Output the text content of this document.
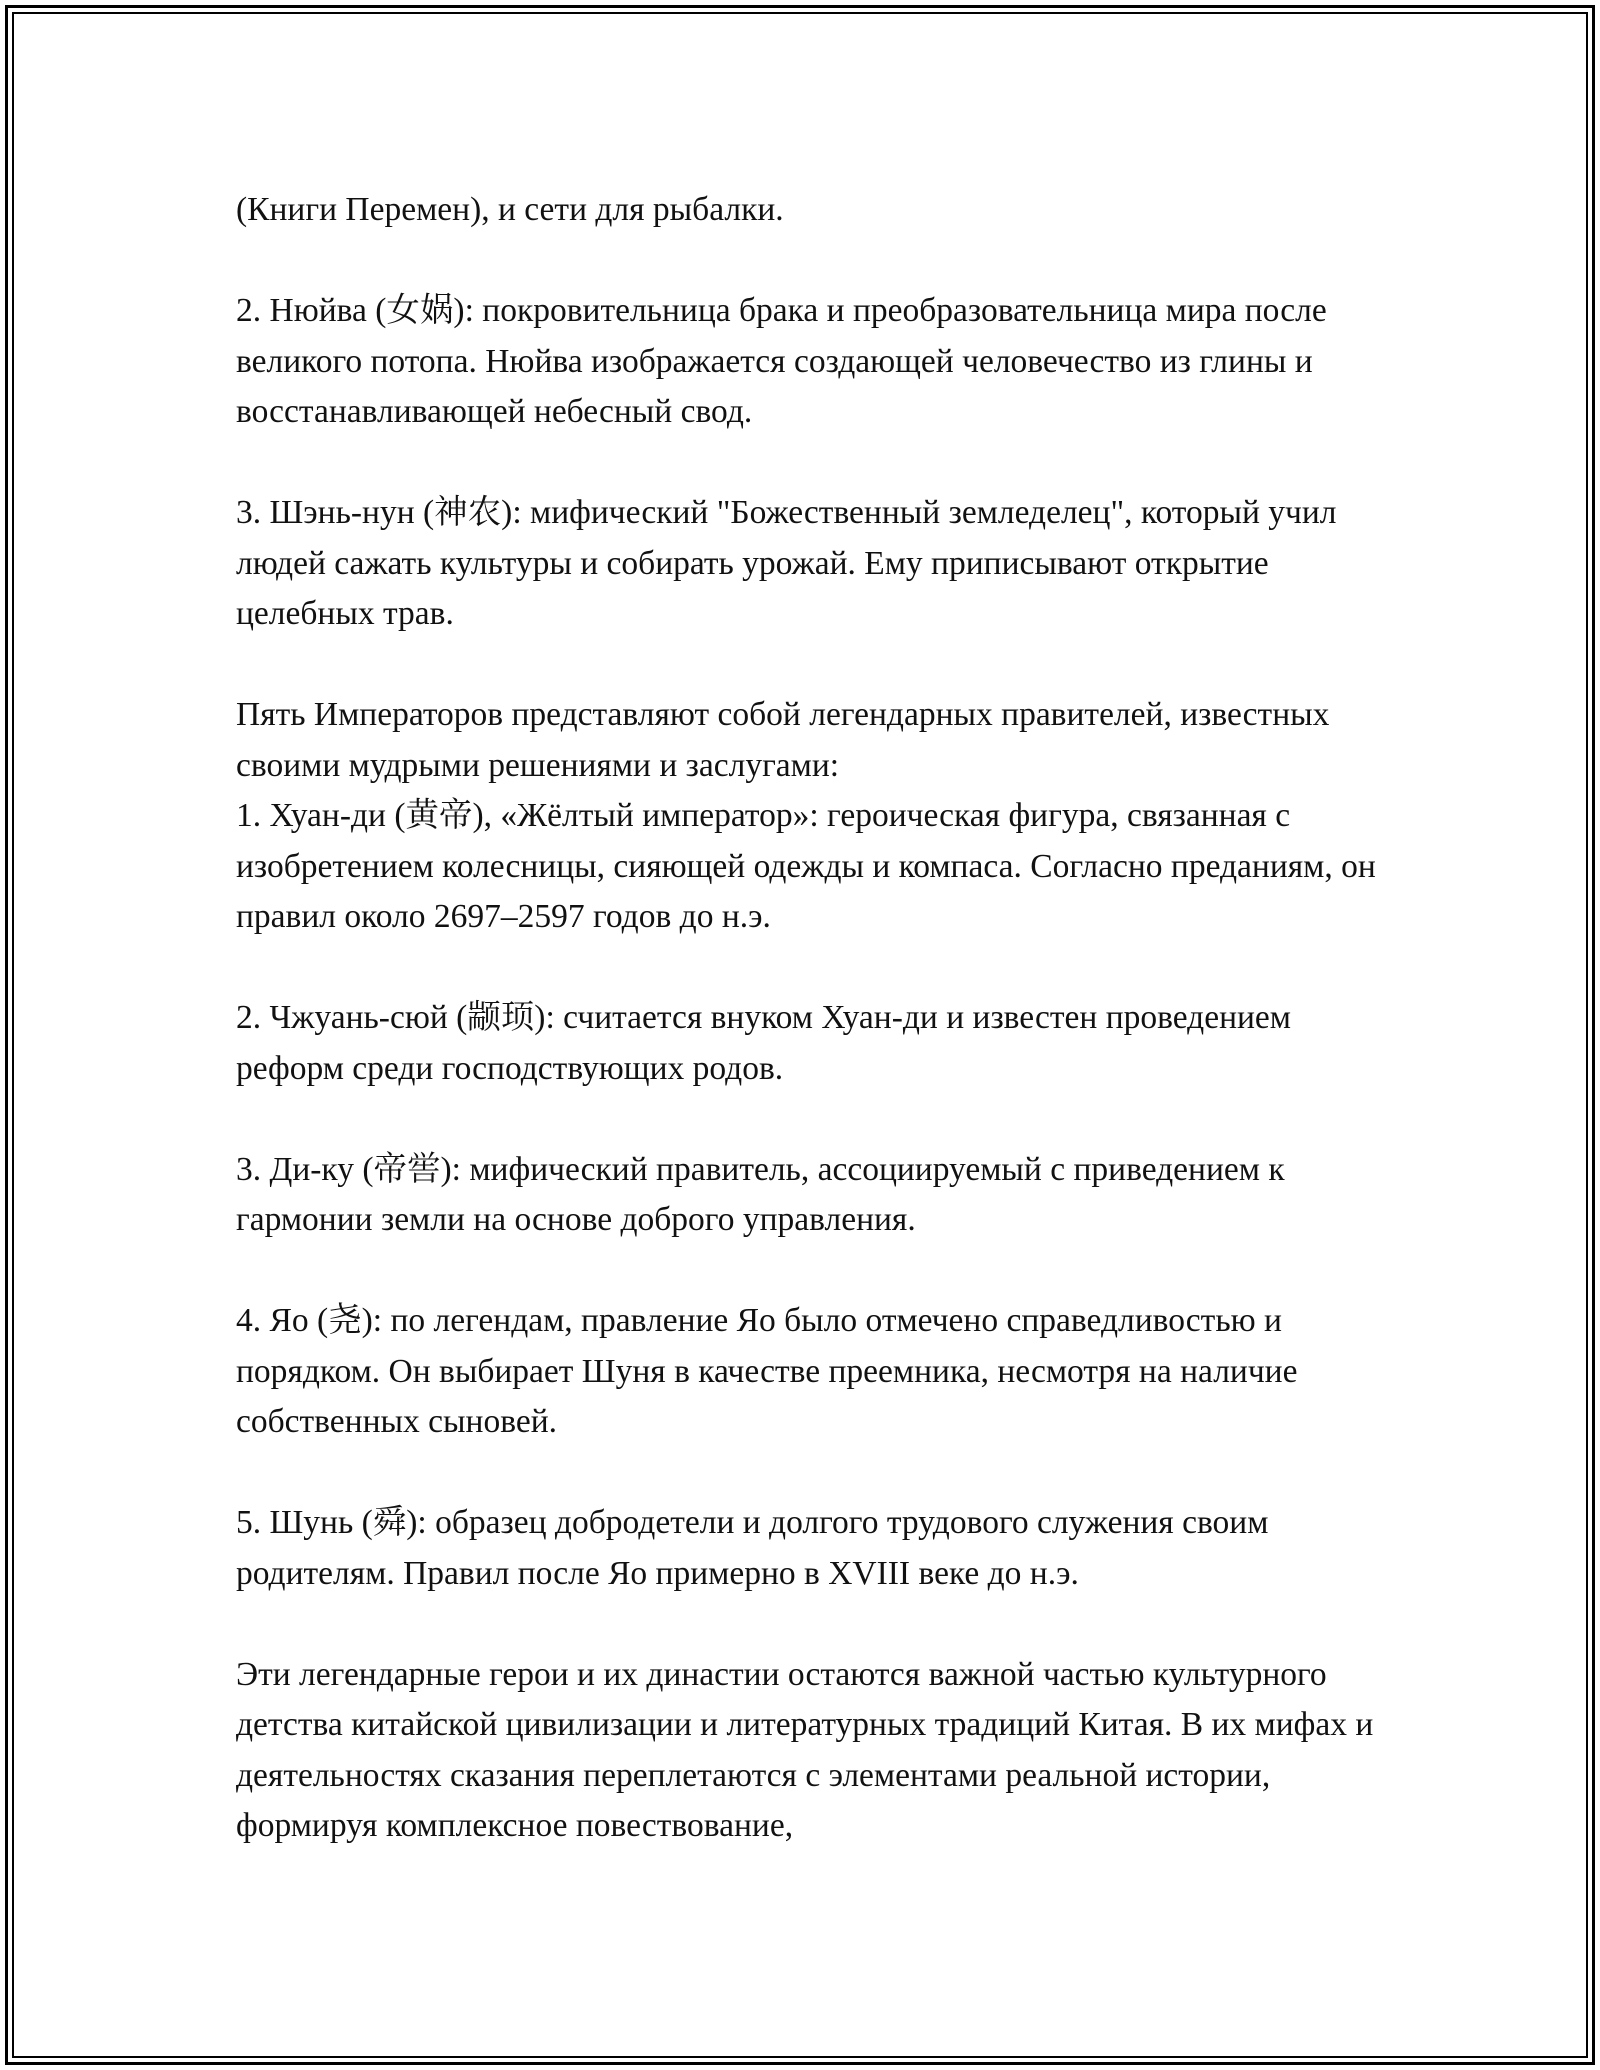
(Книги Перемен), и сети для рыбалки.

2. Нюйва (女娲): покровительница брака и преобразовательница мира после великого потопа. Нюйва изображается создающей человечество из глины и восстанавливающей небесный свод.

3. Шэнь-нун (神农): мифический "Божественный земледелец", который учил людей сажать культуры и собирать урожай. Ему приписывают открытие целебных трав.

Пять Императоров представляют собой легендарных правителей, известных своими мудрыми решениями и заслугами:

1. Хуан-ди (黄帝), «Жёлтый император»: героическая фигура, связанная с изобретением колесницы, сияющей одежды и компаса. Согласно преданиям, он правил около 2697–2597 годов до н.э.

2. Чжуань-сюй (颛顼): считается внуком Хуан-ди и известен проведением реформ среди господствующих родов.

3. Ди-ку (帝喾): мифический правитель, ассоциируемый с приведением к гармонии земли на основе доброго управления.

4. Яо (尧): по легендам, правление Яо было отмечено справедливостью и порядком. Он выбирает Шуня в качестве преемника, несмотря на наличие собственных сыновей.

5. Шунь (舜): образец добродетели и долгого трудового служения своим родителям. Правил после Яо примерно в XVIII веке до н.э.

Эти легендарные герои и их династии остаются важной частью культурного детства китайской цивилизации и литературных традиций Китая. В их мифах и деятельностях сказания переплетаются с элементами реальной истории, формируя комплексное повествование,
